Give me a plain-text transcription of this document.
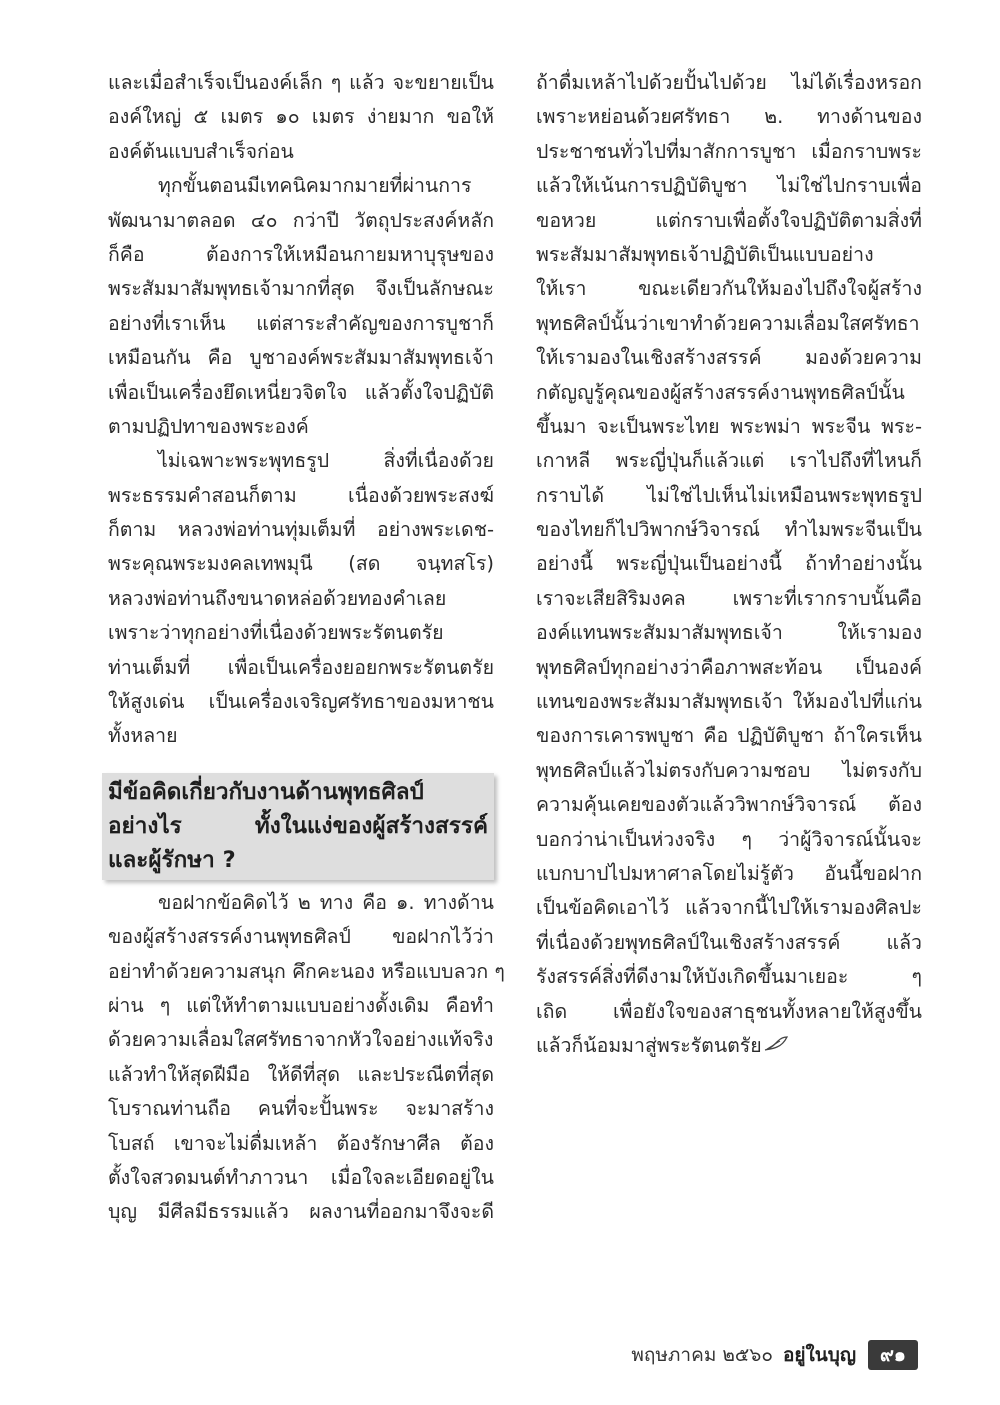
และเมื่อสำเร็จเป็นองค์เล็ก ๆ แล้ว จะขยายเป็น
องค์ใหญ่ ๕ เมตร ๑๐ เมตร ง่ายมาก ขอให้
องค์ต้นแบบสำเร็จก่อน
ทุกขั้นตอนมีเทคนิคมากมายที่ผ่านการ
พัฒนามาตลอด ๔๐ กว่าปี วัตถุประสงค์หลัก
ก็คือ ต้องการให้เหมือนกายมหาบุรุษของ
พระสัมมาสัมพุทธเจ้ามากที่สุด จึงเป็นลักษณะ
อย่างที่เราเห็น แต่สาระสำคัญของการบูชาก็
เหมือนกัน คือ บูชาองค์พระสัมมาสัมพุทธเจ้า
เพื่อเป็นเครื่องยึดเหนี่ยวจิตใจ แล้วตั้งใจปฏิบัติ
ตามปฏิปทาของพระองค์
ไม่เฉพาะพระพุทธรูป สิ่งที่เนื่องด้วย
พระธรรมคำสอนก็ตาม เนื่องด้วยพระสงฆ์
ก็ตาม หลวงพ่อท่านทุ่มเต็มที่ อย่างพระเดช-
พระคุณพระมงคลเทพมุนี (สด จนฺทสโร)
หลวงพ่อท่านถึงขนาดหล่อด้วยทองคำเลย
เพราะว่าทุกอย่างที่เนื่องด้วยพระรัตนตรัย
ท่านเต็มที่ เพื่อเป็นเครื่องยอยกพระรัตนตรัย
ให้สูงเด่น เป็นเครื่องเจริญศรัทธาของมหาชน
ทั้งหลาย
มีข้อคิดเกี่ยวกับงานด้านพุทธศิลป์
อย่างไร ทั้งในแง่ของผู้สร้างสรรค์
และผู้รักษา ?
ขอฝากข้อคิดไว้ ๒ ทาง คือ ๑. ทางด้าน
ของผู้สร้างสรรค์งานพุทธศิลป์ ขอฝากไว้ว่า
อย่าทำด้วยความสนุก คึกคะนอง หรือแบบลวก ๆ
ผ่าน ๆ แต่ให้ทำตามแบบอย่างดั้งเดิม คือทำ
ด้วยความเลื่อมใสศรัทธาจากหัวใจอย่างแท้จริง
แล้วทำให้สุดฝีมือ ให้ดีที่สุด และประณีตที่สุด
โบราณท่านถือ คนที่จะปั้นพระ จะมาสร้าง
โบสถ์ เขาจะไม่ดื่มเหล้า ต้องรักษาศีล ต้อง
ตั้งใจสวดมนต์ทำภาวนา เมื่อใจละเอียดอยู่ใน
บุญ มีศีลมีธรรมแล้ว ผลงานที่ออกมาจึงจะดี
ถ้าดื่มเหล้าไปด้วยปั้นไปด้วย ไม่ได้เรื่องหรอก
เพราะหย่อนด้วยศรัทธา ๒. ทางด้านของ
ประชาชนทั่วไปที่มาสักการบูชา เมื่อกราบพระ
แล้วให้เน้นการปฏิบัติบูชา ไม่ใช่ไปกราบเพื่อ
ขอหวย แต่กราบเพื่อตั้งใจปฏิบัติตามสิ่งที่
พระสัมมาสัมพุทธเจ้าปฏิบัติเป็นแบบอย่าง
ให้เรา ขณะเดียวกันให้มองไปถึงใจผู้สร้าง
พุทธศิลป์นั้นว่าเขาทำด้วยความเลื่อมใสศรัทธา
ให้เรามองในเชิงสร้างสรรค์ มองด้วยความ
กตัญญูรู้คุณของผู้สร้างสรรค์งานพุทธศิลป์นั้น
ขึ้นมา จะเป็นพระไทย พระพม่า พระจีน พระ-
เกาหลี พระญี่ปุ่นก็แล้วแต่ เราไปถึงที่ไหนก็
กราบได้ ไม่ใช่ไปเห็นไม่เหมือนพระพุทธรูป
ของไทยก็ไปวิพากษ์วิจารณ์ ทำไมพระจีนเป็น
อย่างนี้ พระญี่ปุ่นเป็นอย่างนี้ ถ้าทำอย่างนั้น
เราจะเสียสิริมงคล เพราะที่เรากราบนั้นคือ
องค์แทนพระสัมมาสัมพุทธเจ้า ให้เรามอง
พุทธศิลป์ทุกอย่างว่าคือภาพสะท้อน เป็นองค์
แทนของพระสัมมาสัมพุทธเจ้า ให้มองไปที่แก่น
ของการเคารพบูชา คือ ปฏิบัติบูชา ถ้าใครเห็น
พุทธศิลป์แล้วไม่ตรงกับความชอบ ไม่ตรงกับ
ความคุ้นเคยของตัวแล้ววิพากษ์วิจารณ์ ต้อง
บอกว่าน่าเป็นห่วงจริง ๆ ว่าผู้วิจารณ์นั้นจะ
แบกบาปไปมหาศาลโดยไม่รู้ตัว อันนี้ขอฝาก
เป็นข้อคิดเอาไว้ แล้วจากนี้ไปให้เรามองศิลปะ
ที่เนื่องด้วยพุทธศิลป์ในเชิงสร้างสรรค์ แล้ว
รังสรรค์สิ่งที่ดีงามให้บังเกิดขึ้นมาเยอะ ๆ
เถิด เพื่อยังใจของสาธุชนทั้งหลายให้สูงขึ้น
แล้วก็น้อมมาสู่พระรัตนตรัย
พฤษภาคม ๒๕๖๐ อยู่ในบุญ	๙๑
